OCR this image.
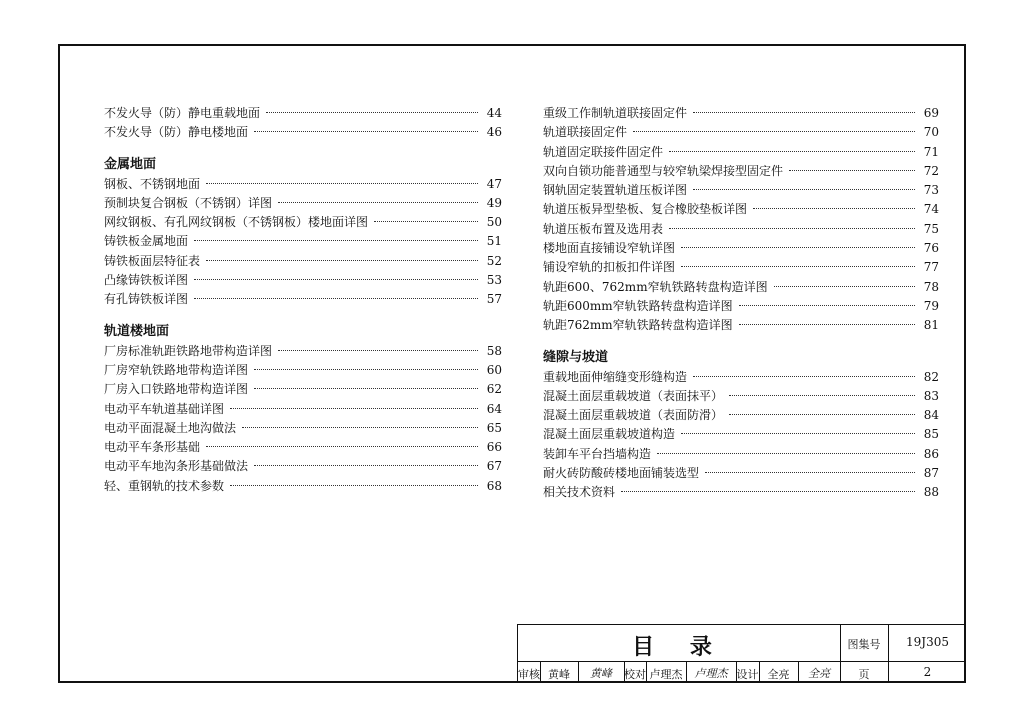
不发火导（防）静电重载地面	44
不发火导（防）静电楼地面	46
金属地面
钢板、不锈钢地面	47
预制块复合钢板（不锈钢）详图	49
网纹钢板、有孔网纹钢板（不锈钢板）楼地面详图	50
铸铁板金属地面	51
铸铁板面层特征表	52
凸缘铸铁板详图	53
有孔铸铁板详图	57
轨道楼地面
厂房标准轨距铁路地带构造详图	58
厂房窄轨铁路地带构造详图	60
厂房入口铁路地带构造详图	62
电动平车轨道基础详图	64
电动平面混凝土地沟做法	65
电动平车条形基础	66
电动平车地沟条形基础做法	67
轻、重钢轨的技术参数	68
重级工作制轨道联接固定件	69
轨道联接固定件	70
轨道固定联接件固定件	71
双向自锁功能普通型与较窄轨梁焊接型固定件	72
钢轨固定装置轨道压板详图	73
轨道压板异型垫板、复合橡胶垫板详图	74
轨道压板布置及选用表	75
楼地面直接铺设窄轨详图	76
铺设窄轨的扣板扣件详图	77
轨距600、762mm窄轨铁路转盘构造详图	78
轨距600mm窄轨铁路转盘构造详图	79
轨距762mm窄轨铁路转盘构造详图	81
缝隙与坡道
重载地面伸缩缝变形缝构造	82
混凝土面层重载坡道（表面抹平）	83
混凝土面层重载坡道（表面防滑）	84
混凝土面层重载坡道构造	85
装卸车平台挡墙构造	86
耐火砖防酸砖楼地面铺装选型	87
相关技术资料	88
目 录	图集号	19J305
审核 黄峰	黄峰	校对 卢理杰	卢理杰 设计 全亮	全亮	页	2
